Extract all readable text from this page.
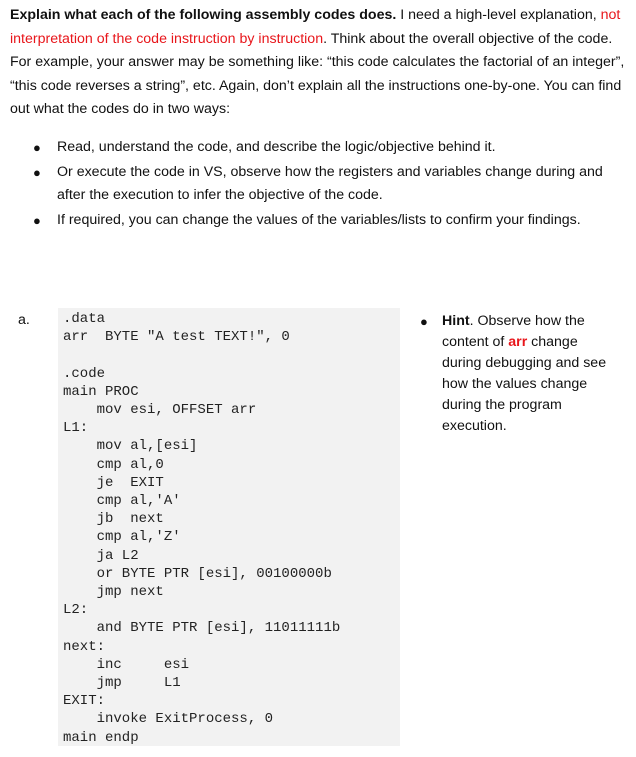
Explain what each of the following assembly codes does. I need a high-level explanation, not interpretation of the code instruction by instruction. Think about the overall objective of the code. For example, your answer may be something like: “this code calculates the factorial of an integer”, “this code reverses a string”, etc. Again, don’t explain all the instructions one-by-one. You can find out what the codes do in two ways:
● Read, understand the code, and describe the logic/objective behind it.
● Or execute the code in VS, observe how the registers and variables change during and after the execution to infer the objective of the code.
● If required, you can change the values of the variables/lists to confirm your findings.
a. .data
arr  BYTE "A test TEXT!", 0

.code
main PROC
mov esi, OFFSET arr
L1:
mov al,[esi]
cmp al,0
je  EXIT
cmp al,'A'
jb  next
cmp al,'Z'
ja L2
or BYTE PTR [esi], 00100000b
jmp next
L2:
and BYTE PTR [esi], 11011111b
next:
inc     esi
jmp     L1
EXIT:
invoke ExitProcess, 0
main endp
● Hint. Observe how the content of arr change during debugging and see how the values change during the program execution.
